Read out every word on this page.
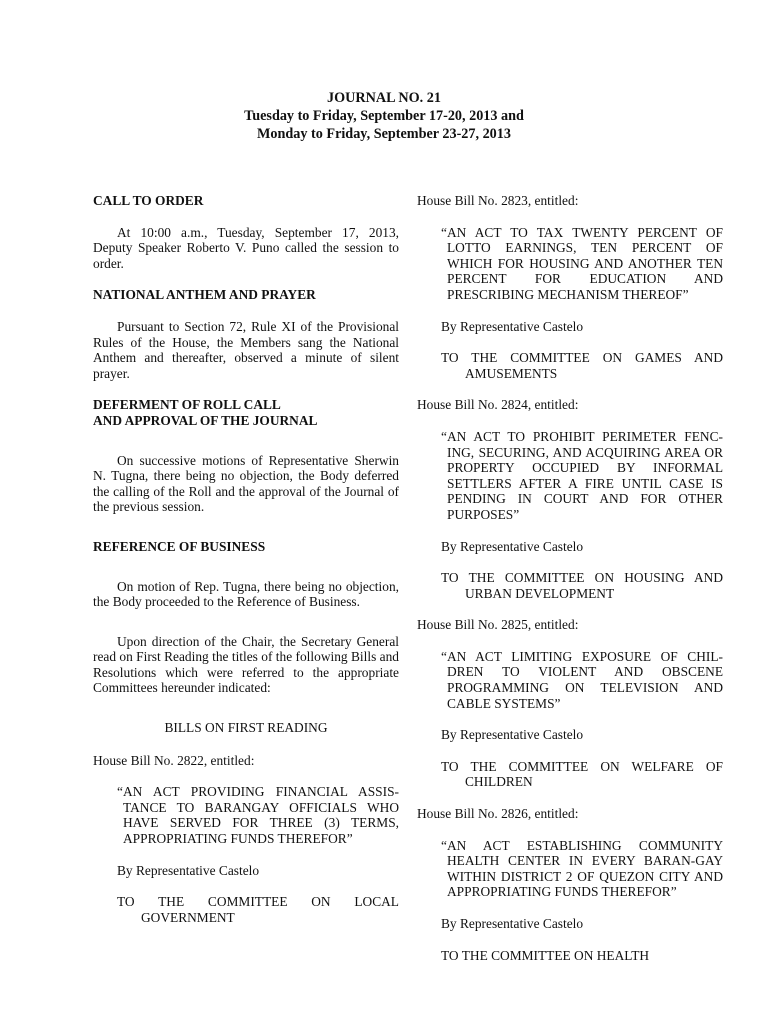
JOURNAL NO. 21
Tuesday to Friday, September 17-20, 2013 and
Monday to Friday, September 23-27, 2013
CALL TO ORDER

At 10:00 a.m., Tuesday, September 17, 2013, Deputy Speaker Roberto V. Puno called the session to order.

NATIONAL ANTHEM AND PRAYER

Pursuant to Section 72, Rule XI of the Provisional Rules of the House, the Members sang the National Anthem and thereafter, observed a minute of silent prayer.

DEFERMENT OF ROLL CALL
AND APPROVAL OF THE JOURNAL

On successive motions of Representative Sherwin N. Tugna, there being no objection, the Body deferred the calling of the Roll and the approval of the Journal of the previous session.

REFERENCE OF BUSINESS

On motion of Rep. Tugna, there being no objection, the Body proceeded to the Reference of Business.

Upon direction of the Chair, the Secretary General read on First Reading the titles of the following Bills and Resolutions which were referred to the appropriate Committees hereunder indicated:

BILLS ON FIRST READING
House Bill No. 2822, entitled:

“AN ACT PROVIDING FINANCIAL ASSIS-TANCE TO BARANGAY OFFICIALS WHO HAVE SERVED FOR THREE (3) TERMS, APPROPRIATING FUNDS THEREFOR”

By Representative Castelo

TO THE COMMITTEE ON LOCAL GOVERNMENT

House Bill No. 2823, entitled:

“AN ACT TO TAX TWENTY PERCENT OF LOTTO EARNINGS, TEN PERCENT OF WHICH FOR HOUSING AND ANOTHER TEN PERCENT FOR EDUCATION AND PRESCRIBING MECHANISM THEREOF”

By Representative Castelo

TO THE COMMITTEE ON GAMES AND AMUSEMENTS

House Bill No. 2824, entitled:

“AN ACT TO PROHIBIT PERIMETER FENC-ING, SECURING, AND ACQUIRING AREA OR PROPERTY OCCUPIED BY INFORMAL SETTLERS AFTER A FIRE UNTIL CASE IS PENDING IN COURT AND FOR OTHER PURPOSES”

By Representative Castelo

TO THE COMMITTEE ON HOUSING AND URBAN DEVELOPMENT

House Bill No. 2825, entitled:

“AN ACT LIMITING EXPOSURE OF CHIL-DREN TO VIOLENT AND OBSCENE PROGRAMMING ON TELEVISION AND CABLE SYSTEMS”

By Representative Castelo

TO THE COMMITTEE ON WELFARE OF CHILDREN

House Bill No. 2826, entitled:

“AN ACT ESTABLISHING COMMUNITY HEALTH CENTER IN EVERY BARAN-GAY WITHIN DISTRICT 2 OF QUEZON CITY AND APPROPRIATING FUNDS THEREFOR”

By Representative Castelo

TO THE COMMITTEE ON HEALTH
